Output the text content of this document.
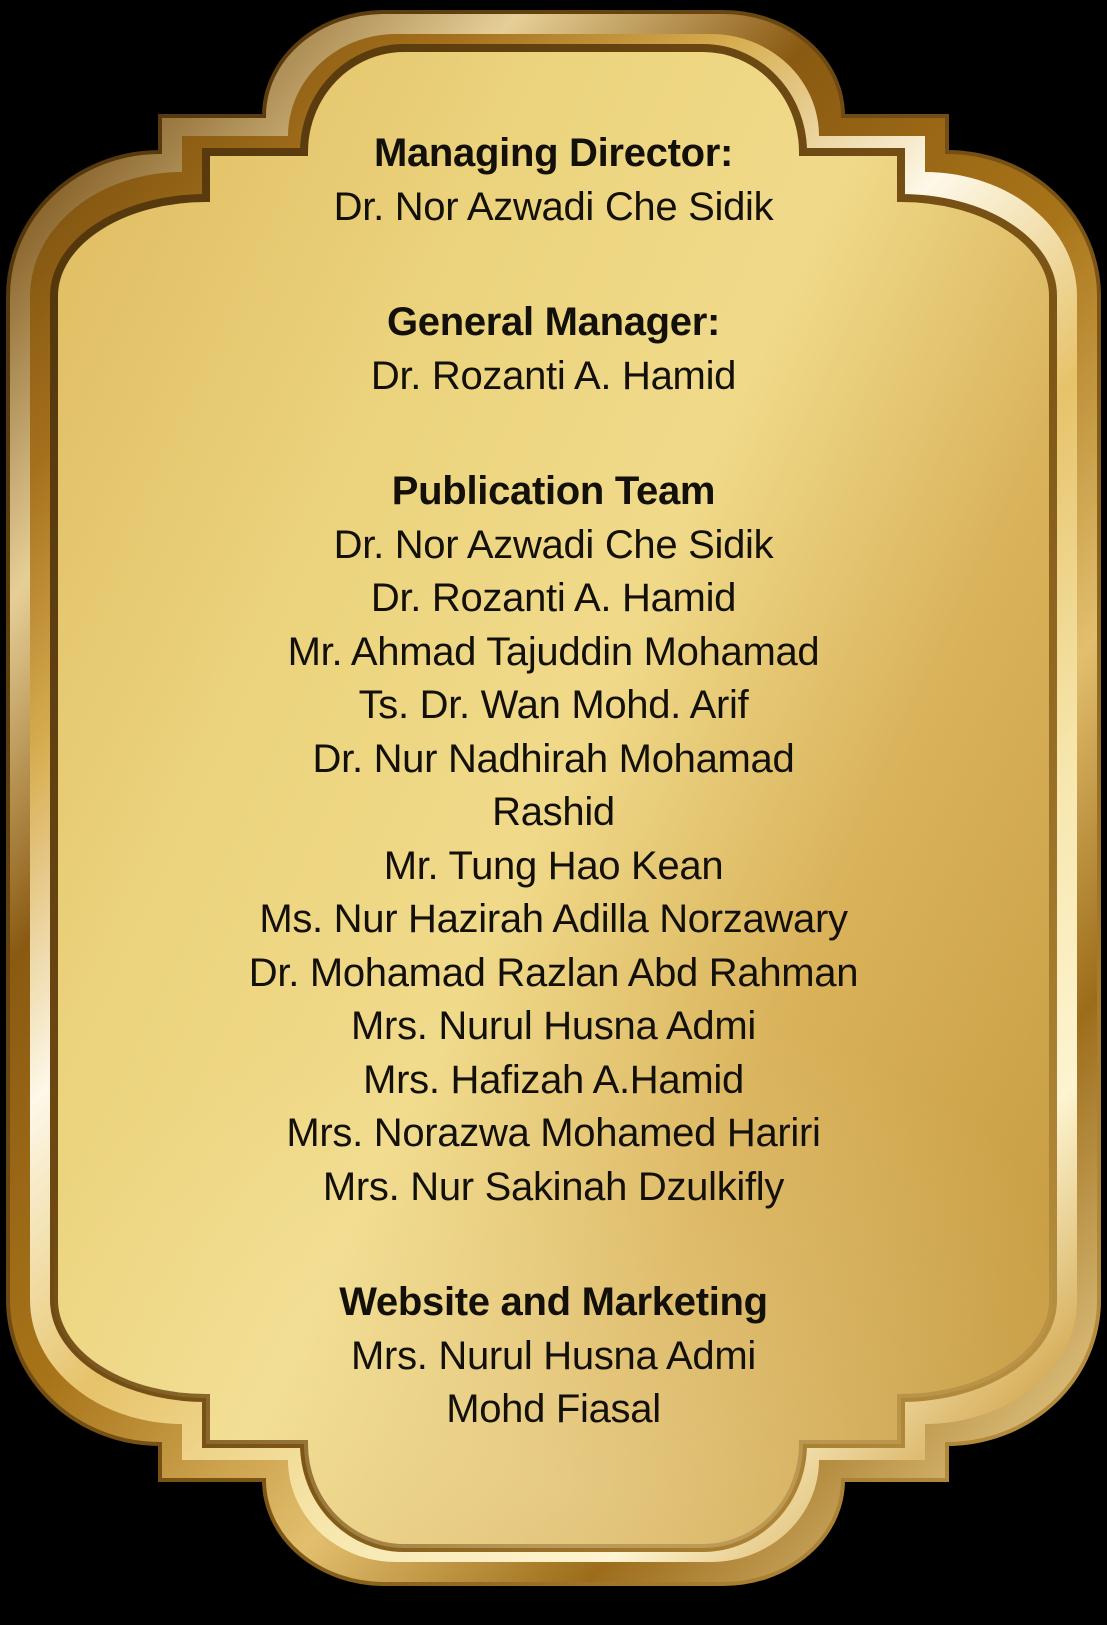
Managing Director:
Dr. Nor Azwadi Che Sidik
General Manager:
Dr. Rozanti A. Hamid
Publication Team
Dr. Nor Azwadi Che Sidik
Dr. Rozanti A. Hamid
Mr. Ahmad Tajuddin Mohamad
Ts. Dr. Wan Mohd. Arif
Dr. Nur Nadhirah Mohamad Rashid
Mr. Tung Hao Kean
Ms. Nur Hazirah Adilla Norzawary
Dr. Mohamad Razlan Abd Rahman
Mrs. Nurul Husna Admi
Mrs. Hafizah A.Hamid
Mrs. Norazwa Mohamed Hariri
Mrs. Nur Sakinah Dzulkifly
Website and Marketing
Mrs. Nurul Husna Admi
Mohd Fiasal
